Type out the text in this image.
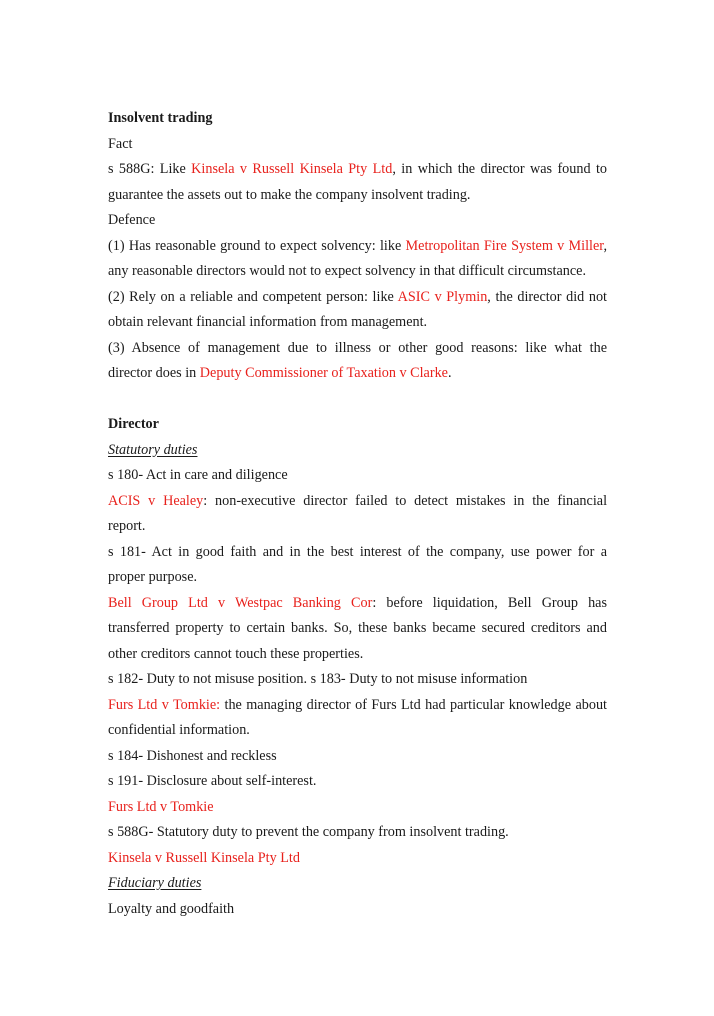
Insolvent trading
Fact
s 588G: Like Kinsela v Russell Kinsela Pty Ltd, in which the director was found to
guarantee the assets out to make the company insolvent trading.
Defence
(1) Has reasonable ground to expect solvency: like Metropolitan Fire System v Miller,
any reasonable directors would not to expect solvency in that difficult circumstance.
(2) Rely on a reliable and competent person: like ASIC v Plymin, the director did not
obtain relevant financial information from management.
(3) Absence of management due to illness or other good reasons: like what the
director does in Deputy Commissioner of Taxation v Clarke.
Director
Statutory duties
s 180- Act in care and diligence
ACIS v Healey: non-executive director failed to detect mistakes in the financial
report.
s 181- Act in good faith and in the best interest of the company, use power for a
proper purpose.
Bell Group Ltd v Westpac Banking Cor: before liquidation, Bell Group has
transferred property to certain banks. So, these banks became secured creditors and
other creditors cannot touch these properties.
s 182- Duty to not misuse position. s 183- Duty to not misuse information
Furs Ltd v Tomkie: the managing director of Furs Ltd had particular knowledge about
confidential information.
s 184- Dishonest and reckless
s 191- Disclosure about self-interest.
Furs Ltd v Tomkie
s 588G- Statutory duty to prevent the company from insolvent trading.
Kinsela v Russell Kinsela Pty Ltd
Fiduciary duties
Loyalty and goodfaith
